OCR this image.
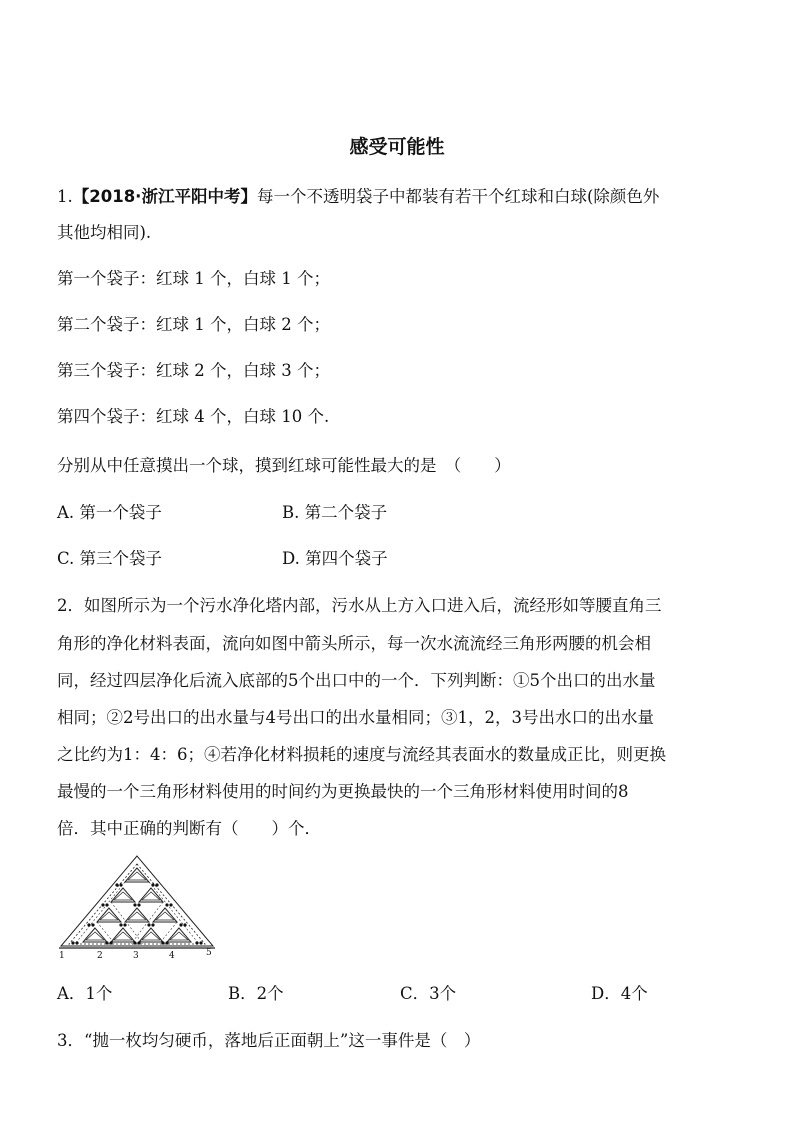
感受可能性
1.【2018·浙江平阳中考】每一个不透明袋子中都装有若干个红球和白球(除颜色外
其他均相同).
第一个袋子：红球 1 个，白球 1 个；
第二个袋子：红球 1 个，白球 2 个；
第三个袋子：红球 2 个，白球 3 个；
第四个袋子：红球 4 个，白球 10 个.
分别从中任意摸出一个球，摸到红球可能性最大的是　（　　）
A. 第一个袋子	B. 第二个袋子
C. 第三个袋子	D. 第四个袋子
2．如图所示为一个污水净化塔内部，污水从上方入口进入后，流经形如等腰直角三
角形的净化材料表面，流向如图中箭头所示，每一次水流流经三角形两腰的机会相
同，经过四层净化后流入底部的5个出口中的一个．下列判断：①5个出口的出水量
相同；②2号出口的出水量与4号出口的出水量相同；③1，2，3号出水口的出水量
之比约为1：4：6；④若净化材料损耗的速度与流经其表面水的数量成正比，则更换
最慢的一个三角形材料使用的时间约为更换最快的一个三角形材料使用时间的8
倍．其中正确的判断有（　　）个．
1	2	3	4	5
A．1个	B．2个	C．3个	D．4个
3．“抛一枚均匀硬币，落地后正面朝上”这一事件是（　）
